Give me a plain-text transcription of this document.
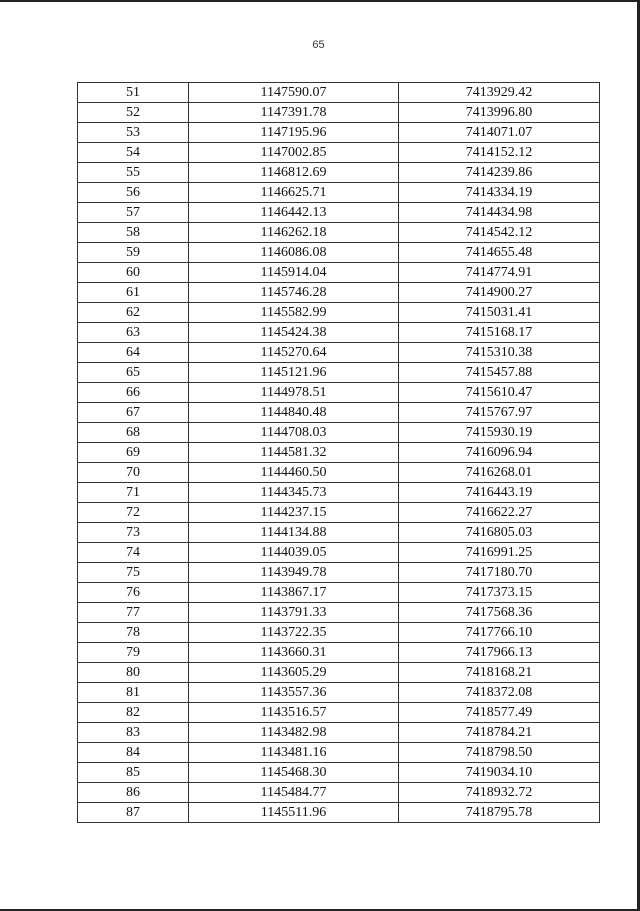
65
51	1147590.07	7413929.42
52	1147391.78	7413996.80
53	1147195.96	7414071.07
54	1147002.85	7414152.12
55	1146812.69	7414239.86
56	1146625.71	7414334.19
57	1146442.13	7414434.98
58	1146262.18	7414542.12
59	1146086.08	7414655.48
60	1145914.04	7414774.91
61	1145746.28	7414900.27
62	1145582.99	7415031.41
63	1145424.38	7415168.17
64	1145270.64	7415310.38
65	1145121.96	7415457.88
66	1144978.51	7415610.47
67	1144840.48	7415767.97
68	1144708.03	7415930.19
69	1144581.32	7416096.94
70	1144460.50	7416268.01
71	1144345.73	7416443.19
72	1144237.15	7416622.27
73	1144134.88	7416805.03
74	1144039.05	7416991.25
75	1143949.78	7417180.70
76	1143867.17	7417373.15
77	1143791.33	7417568.36
78	1143722.35	7417766.10
79	1143660.31	7417966.13
80	1143605.29	7418168.21
81	1143557.36	7418372.08
82	1143516.57	7418577.49
83	1143482.98	7418784.21
84	1143481.16	7418798.50
85	1145468.30	7419034.10
86	1145484.77	7418932.72
87	1145511.96	7418795.78
